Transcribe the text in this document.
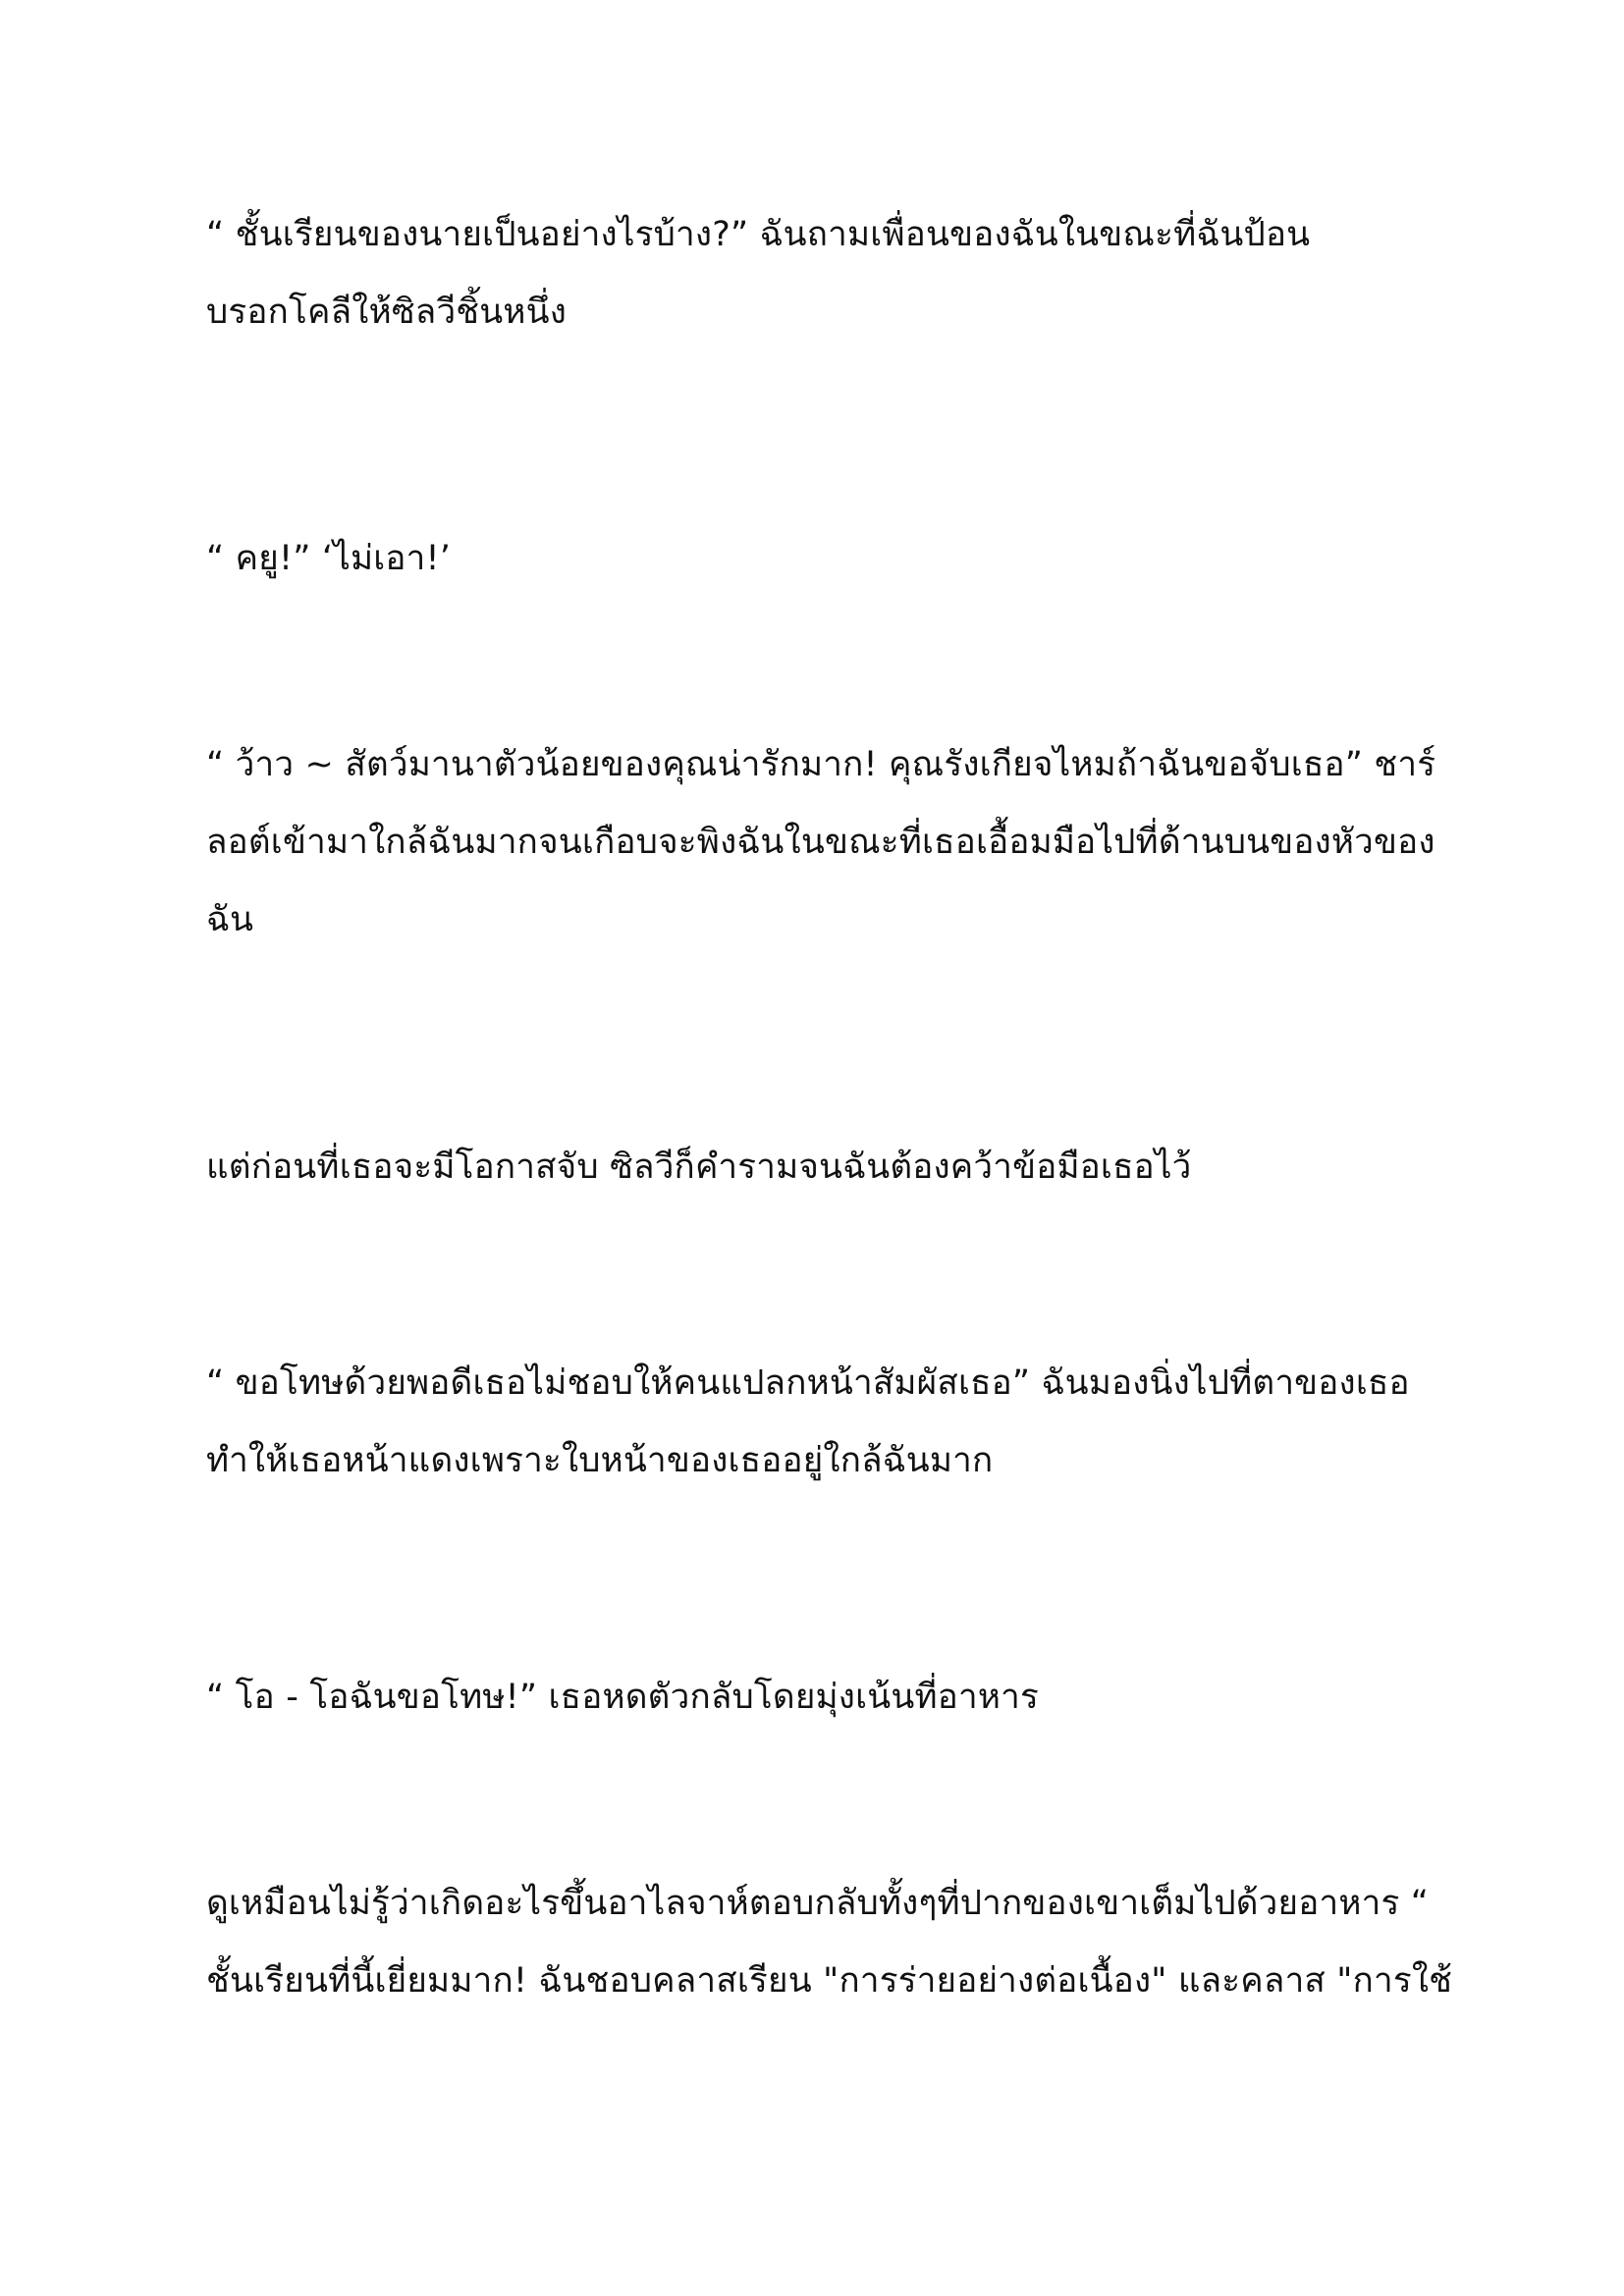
“ ชั้นเรียนของนายเป็นอย่างไรบ้าง?” ฉันถามเพื่อนของฉันในขณะที่ฉันป้อน
บรอกโคลีให้ซิลวีชิ้นหนึ่ง
“ คยู!” ‘ไม่เอา!’
“ ว้าว ~ สัตว์มานาตัวน้อยของคุณน่ารักมาก! คุณรังเกียจไหมถ้าฉันขอจับเธอ” ชาร์
ลอต์เข้ามาใกล้ฉันมากจนเกือบจะพิงฉันในขณะที่เธอเอื้อมมือไปที่ด้านบนของหัวของ
ฉัน
แต่ก่อนที่เธอจะมีโอกาสจับ ซิลวีก็คำรามจนฉันต้องคว้าข้อมือเธอไว้
“ ขอโทษด้วยพอดีเธอไม่ชอบให้คนแปลกหน้าสัมผัสเธอ” ฉันมองนิ่งไปที่ตาของเธอ
ทำให้เธอหน้าแดงเพราะใบหน้าของเธออยู่ใกล้ฉันมาก
“ โอ - โอฉันขอโทษ!” เธอหดตัวกลับโดยมุ่งเน้นที่อาหาร
ดูเหมือนไม่รู้ว่าเกิดอะไรขึ้นอาไลจาห์ตอบกลับทั้งๆที่ปากของเขาเต็มไปด้วยอาหาร “
ชั้นเรียนที่นี้เยี่ยมมาก! ฉันชอบคลาสเรียน "การร่ายอย่างต่อเนื้อง" และคลาส "การใช้
